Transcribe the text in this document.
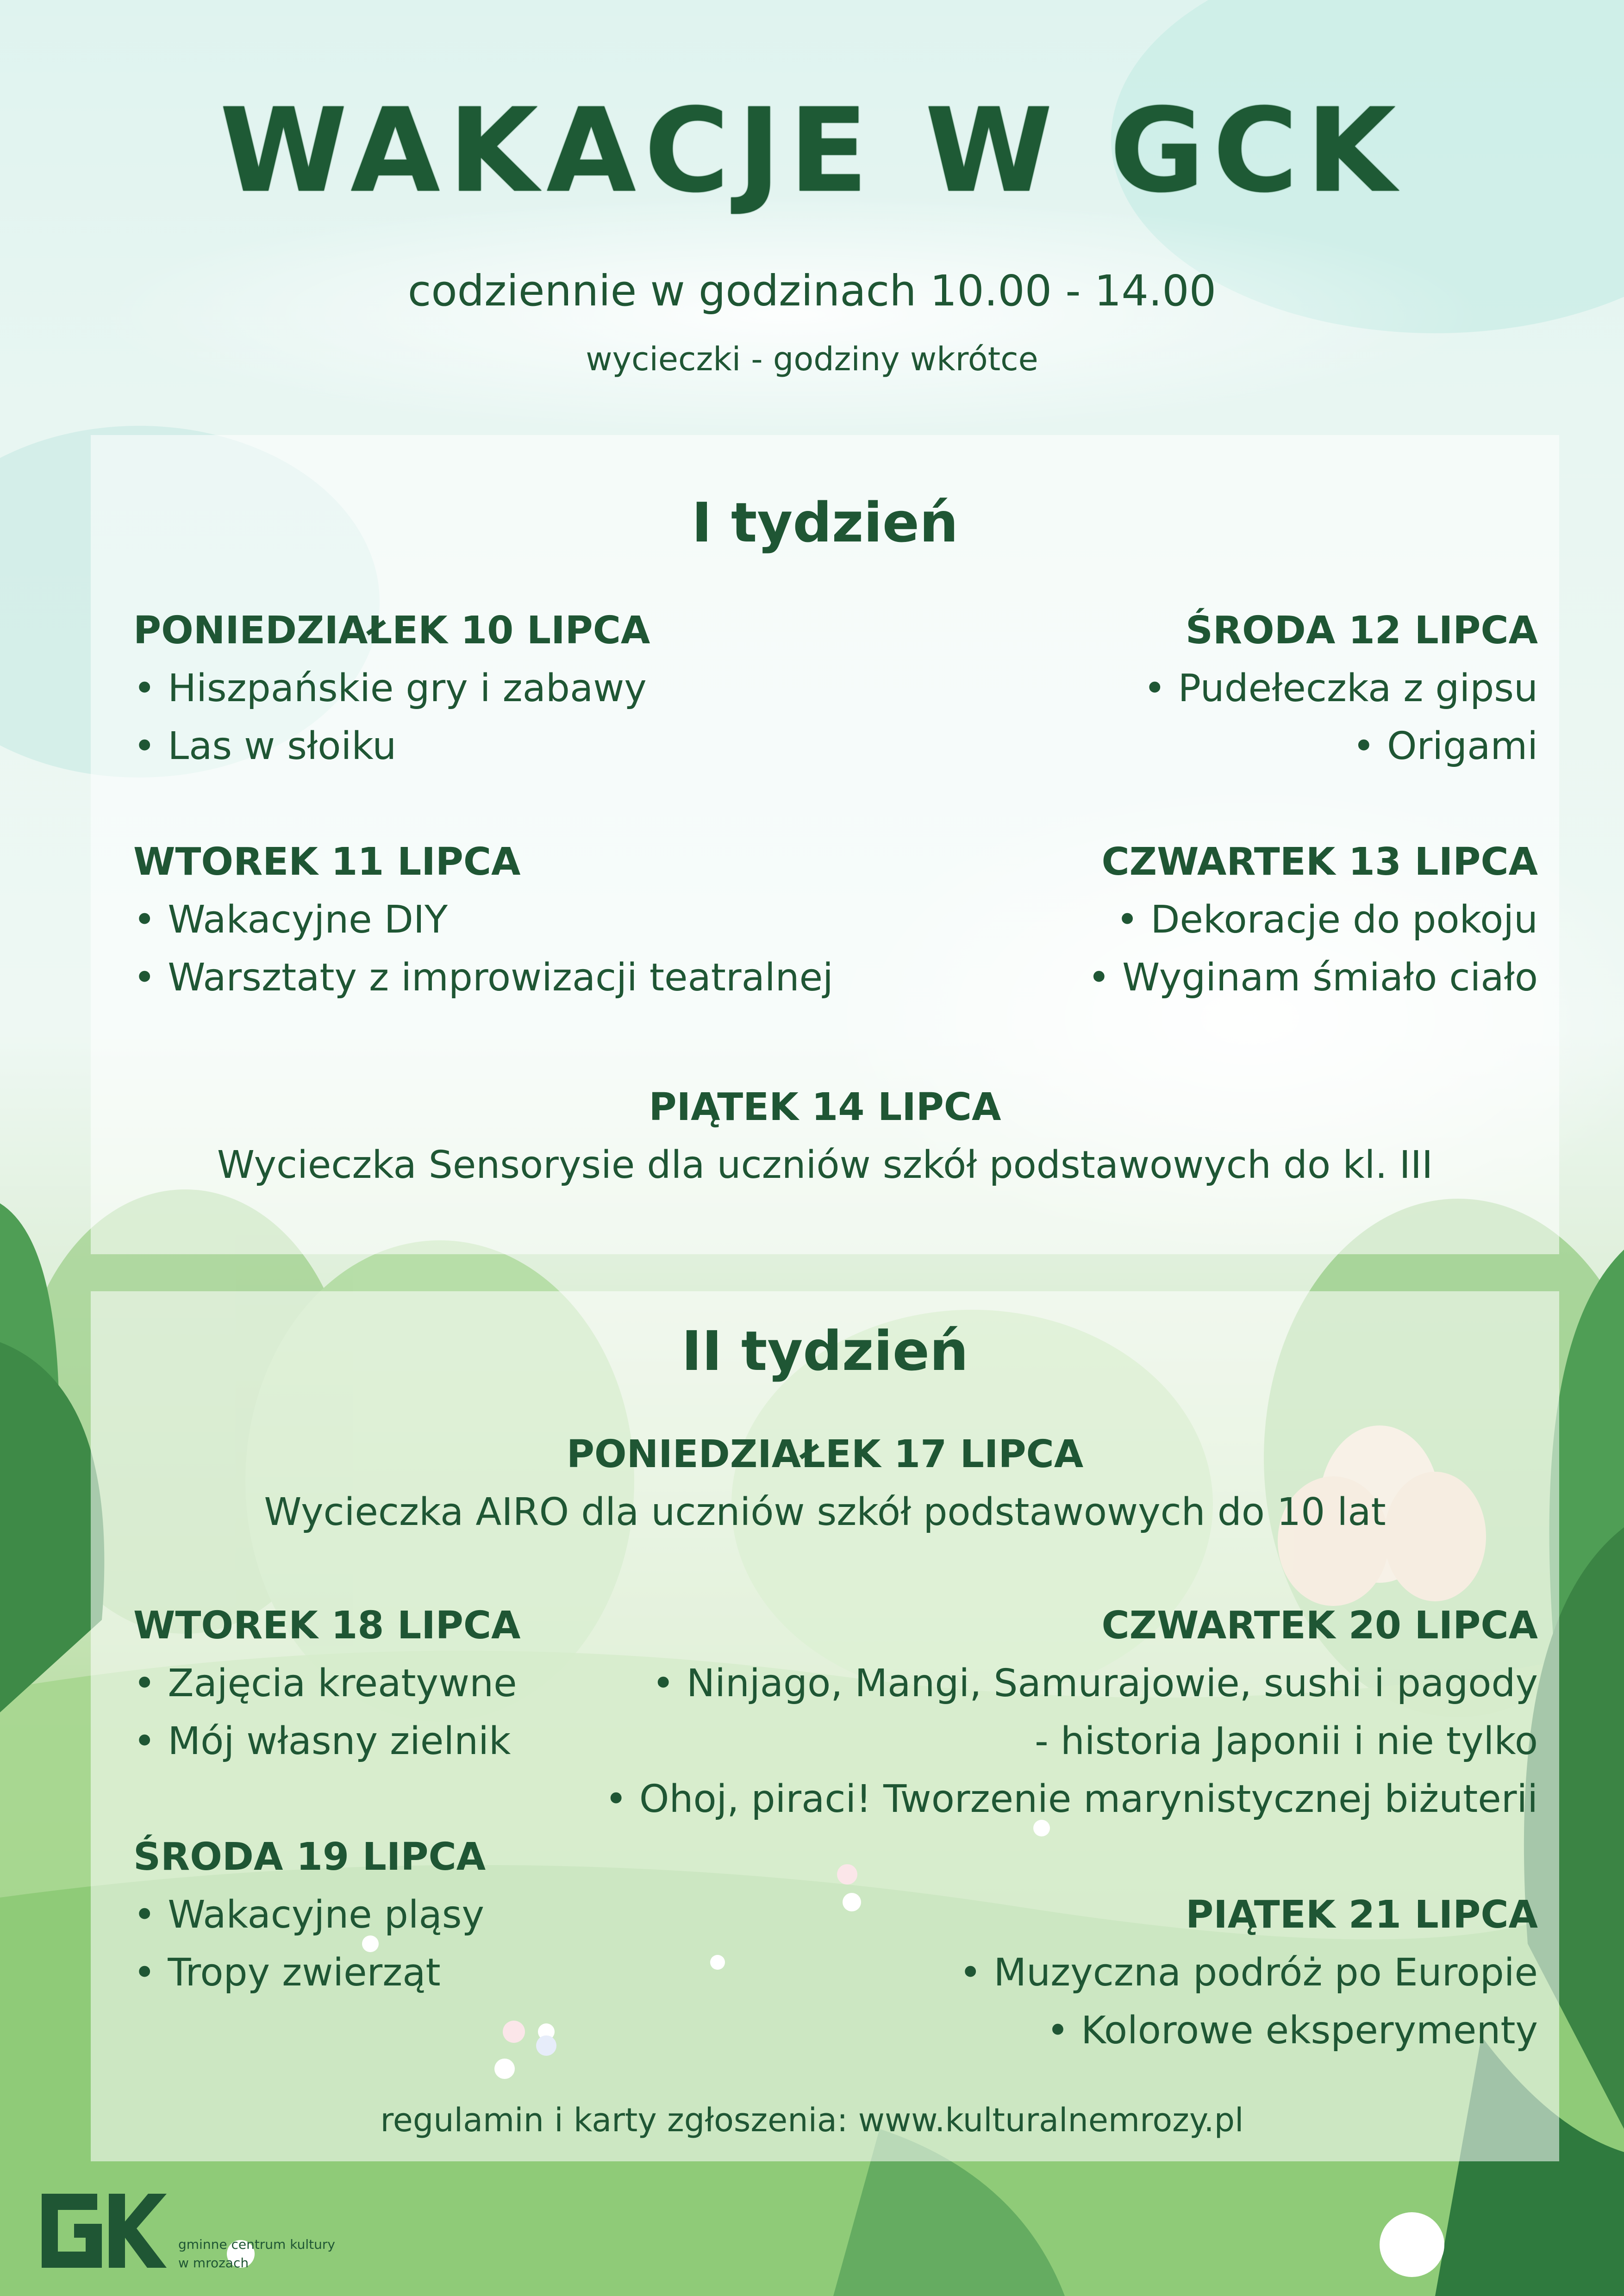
WAKACJE W GCK
codziennie w godzinach 10.00 - 14.00
wycieczki - godziny wkrótce
I tydzień
PONIEDZIAŁEK 10 LIPCA
• Hiszpańskie gry i zabawy
• Las w słoiku
ŚRODA 12 LIPCA
• Pudełeczka z gipsu
• Origami
WTOREK 11 LIPCA
• Wakacyjne DIY
• Warsztaty z improwizacji teatralnej
CZWARTEK 13 LIPCA
• Dekoracje do pokoju
• Wyginam śmiało ciało
PIĄTEK 14 LIPCA
Wycieczka Sensorysie dla uczniów szkół podstawowych do kl. III
II tydzień
PONIEDZIAŁEK 17 LIPCA
Wycieczka AIRO dla uczniów szkół podstawowych do 10 lat
WTOREK 18 LIPCA
• Zajęcia kreatywne
• Mój własny zielnik
CZWARTEK 20 LIPCA
• Ninjago, Mangi, Samurajowie, sushi i pagody
- historia Japonii i nie tylko
• Ohoj, piraci! Tworzenie marynistycznej biżuterii
ŚRODA 19 LIPCA
• Wakacyjne pląsy
• Tropy zwierząt
PIĄTEK 21 LIPCA
• Muzyczna podróż po Europie
• Kolorowe eksperymenty
regulamin i karty zgłoszenia: www.kulturalnemrozy.pl
gminne centrum kultury
w mrozach
